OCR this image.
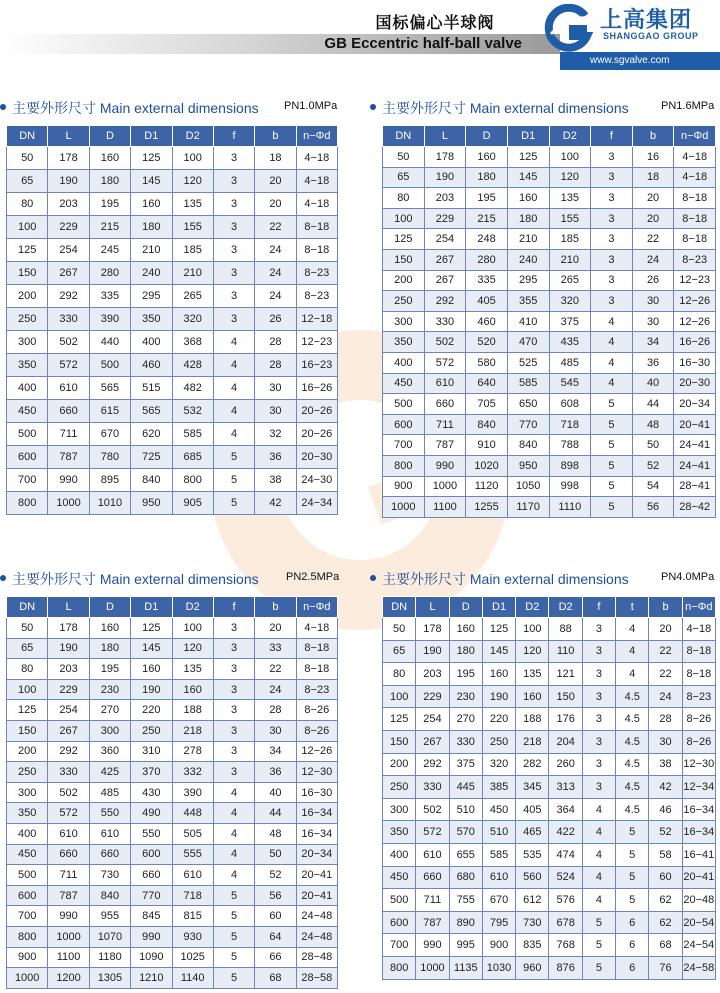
国标偏心半球阀
GB Eccentric half-ball valve
上高集团
SHANGGAO GROUP
www.sgvalve.com
主要外形尺寸 Main external dimensions PN1.0MPa	主要外形尺寸 Main external dimensions	PN1.6MPa
主要外形尺寸 Main external dimensions PN2.5MPa	主要外形尺寸 Main external dimensions	PN4.0MPa
DN	L	D	D1	D2	f	b	n−Φd
50	178	160	125	100	3	18	4−18
65	190	180	145	120	3	20	4−18
80	203	195	160	135	3	20	4−18
100	229	215	180	155	3	22	8−18
125	254	245	210	185	3	24	8−18
150	267	280	240	210	3	24	8−23
200	292	335	295	265	3	24	8−23
250	330	390	350	320	3	26	12−18
300	502	440	400	368	4	28	12−23
350	572	500	460	428	4	28	16−23
400	610	565	515	482	4	30	16−26
450	660	615	565	532	4	30	20−26
500	711	670	620	585	4	32	20−26
600	787	780	725	685	5	36	20−30
700	990	895	840	800	5	38	24−30
800	1000	1010	950	905	5	42	24−34
DN	L	D	D1	D2	f	b	n−Φd
50	178	160	125	100	3	16	4−18
65	190	180	145	120	3	18	4−18
80	203	195	160	135	3	20	8−18
100	229	215	180	155	3	20	8−18
125	254	248	210	185	3	22	8−18
150	267	280	240	210	3	24	8−23
200	267	335	295	265	3	26	12−23
250	292	405	355	320	3	30	12−26
300	330	460	410	375	4	30	12−26
350	502	520	470	435	4	34	16−26
400	572	580	525	485	4	36	16−30
450	610	640	585	545	4	40	20−30
500	660	705	650	608	5	44	20−34
600	711	840	770	718	5	48	20−41
700	787	910	840	788	5	50	24−41
800	990	1020	950	898	5	52	24−41
900	1000	1120	1050	998	5	54	28−41
1000	1100	1255	1170	1110	5	56	28−42
DN	L	D	D1	D2	f	b	n−Φd
50	178	160	125	100	3	20	4−18
65	190	180	145	120	3	33	8−18
80	203	195	160	135	3	22	8−18
100	229	230	190	160	3	24	8−23
125	254	270	220	188	3	28	8−26
150	267	300	250	218	3	30	8−26
200	292	360	310	278	3	34	12−26
250	330	425	370	332	3	36	12−30
300	502	485	430	390	4	40	16−30
350	572	550	490	448	4	44	16−34
400	610	610	550	505	4	48	16−34
450	660	660	600	555	4	50	20−34
500	711	730	660	610	4	52	20−41
600	787	840	770	718	5	56	20−41
700	990	955	845	815	5	60	24−48
800	1000	1070	990	930	5	64	24−48
900	1100	1180	1090	1025	5	66	28−48
1000	1200	1305	1210	1140	5	68	28−58
DN	L	D	D1	D2	D2	f	t	b	n−Φd
50	178	160	125	100	88	3	4	20	4−18
65	190	180	145	120	110	3	4	22	8−18
80	203	195	160	135	121	3	4	22	8−18
100	229	230	190	160	150	3	4.5	24	8−23
125	254	270	220	188	176	3	4.5	28	8−26
150	267	330	250	218	204	3	4.5	30	8−26
200	292	375	320	282	260	3	4.5	38	12−30
250	330	445	385	345	313	3	4.5	42	12−34
300	502	510	450	405	364	4	4.5	46	16−34
350	572	570	510	465	422	4	5	52	16−34
400	610	655	585	535	474	4	5	58	16−41
450	660	680	610	560	524	4	5	60	20−41
500	711	755	670	612	576	4	5	62	20−48
600	787	890	795	730	678	5	6	62	20−54
700	990	995	900	835	768	5	6	68	24−54
800	1000	1135	1030	960	876	5	6	76	24−58
